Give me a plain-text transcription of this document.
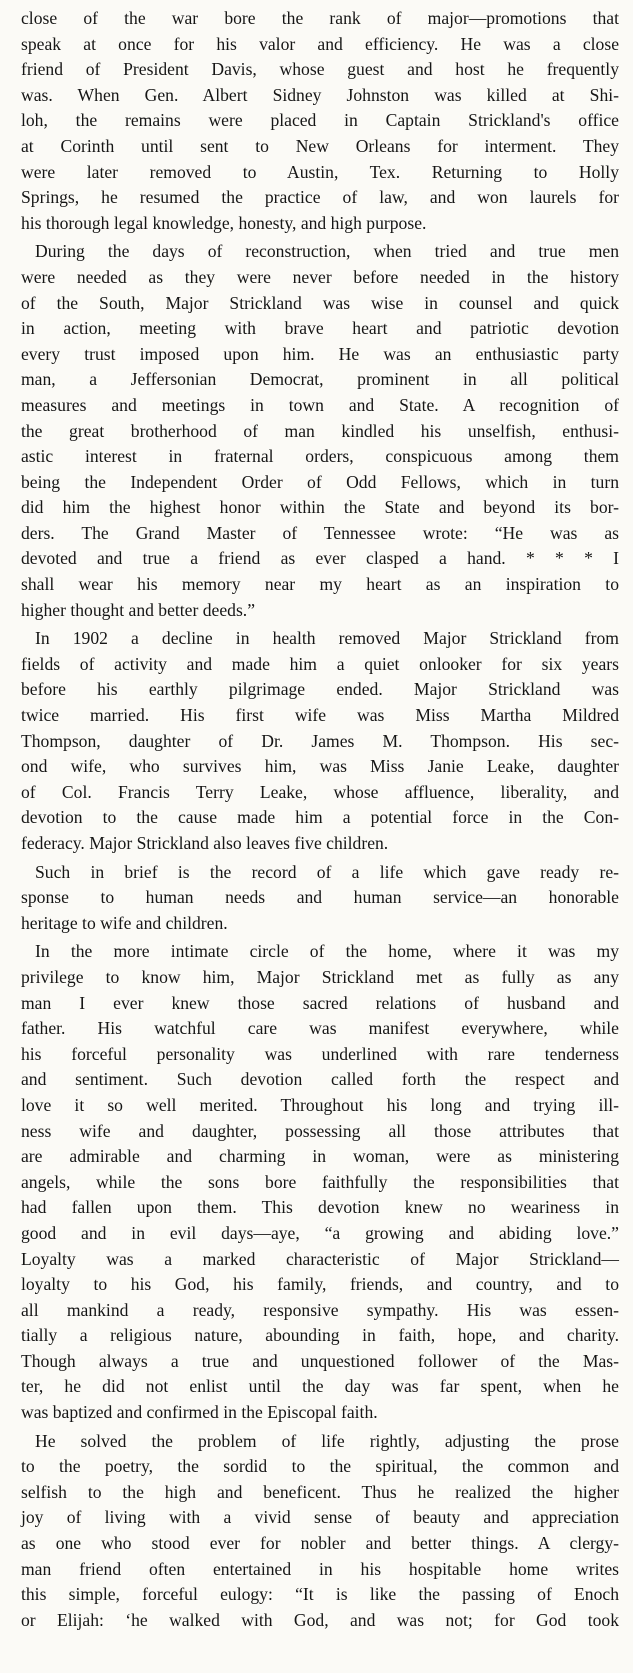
close of the war bore the rank of major—promotions that
speak at once for his valor and efficiency. He was a close
friend of President Davis, whose guest and host he frequently
was. When Gen. Albert Sidney Johnston was killed at Shi-
loh, the remains were placed in Captain Strickland's office
at Corinth until sent to New Orleans for interment. They
were later removed to Austin, Tex. Returning to Holly
Springs, he resumed the practice of law, and won laurels for
his thorough legal knowledge, honesty, and high purpose.
During the days of reconstruction, when tried and true men
were needed as they were never before needed in the history
of the South, Major Strickland was wise in counsel and quick
in action, meeting with brave heart and patriotic devotion
every trust imposed upon him. He was an enthusiastic party
man, a Jeffersonian Democrat, prominent in all political
measures and meetings in town and State. A recognition of
the great brotherhood of man kindled his unselfish, enthusi-
astic interest in fraternal orders, conspicuous among them
being the Independent Order of Odd Fellows, which in turn
did him the highest honor within the State and beyond its bor-
ders. The Grand Master of Tennessee wrote: “He was as
devoted and true a friend as ever clasped a hand. * * * I
shall wear his memory near my heart as an inspiration to
higher thought and better deeds.”
In 1902 a decline in health removed Major Strickland from
fields of activity and made him a quiet onlooker for six years
before his earthly pilgrimage ended. Major Strickland was
twice married. His first wife was Miss Martha Mildred
Thompson, daughter of Dr. James M. Thompson. His sec-
ond wife, who survives him, was Miss Janie Leake, daughter
of Col. Francis Terry Leake, whose affluence, liberality, and
devotion to the cause made him a potential force in the Con-
federacy. Major Strickland also leaves five children.
Such in brief is the record of a life which gave ready re-
sponse to human needs and human service—an honorable
heritage to wife and children.
In the more intimate circle of the home, where it was my
privilege to know him, Major Strickland met as fully as any
man I ever knew those sacred relations of husband and
father. His watchful care was manifest everywhere, while
his forceful personality was underlined with rare tenderness
and sentiment. Such devotion called forth the respect and
love it so well merited. Throughout his long and trying ill-
ness wife and daughter, possessing all those attributes that
are admirable and charming in woman, were as ministering
angels, while the sons bore faithfully the responsibilities that
had fallen upon them. This devotion knew no weariness in
good and in evil days—aye, “a growing and abiding love.”
Loyalty was a marked characteristic of Major Strickland—
loyalty to his God, his family, friends, and country, and to
all mankind a ready, responsive sympathy. His was essen-
tially a religious nature, abounding in faith, hope, and charity.
Though always a true and unquestioned follower of the Mas-
ter, he did not enlist until the day was far spent, when he
was baptized and confirmed in the Episcopal faith.
He solved the problem of life rightly, adjusting the prose
to the poetry, the sordid to the spiritual, the common and
selfish to the high and beneficent. Thus he realized the higher
joy of living with a vivid sense of beauty and appreciation
as one who stood ever for nobler and better things. A clergy-
man friend often entertained in his hospitable home writes
this simple, forceful eulogy: “It is like the passing of Enoch
or Elijah: ‘he walked with God, and was not; for God took
